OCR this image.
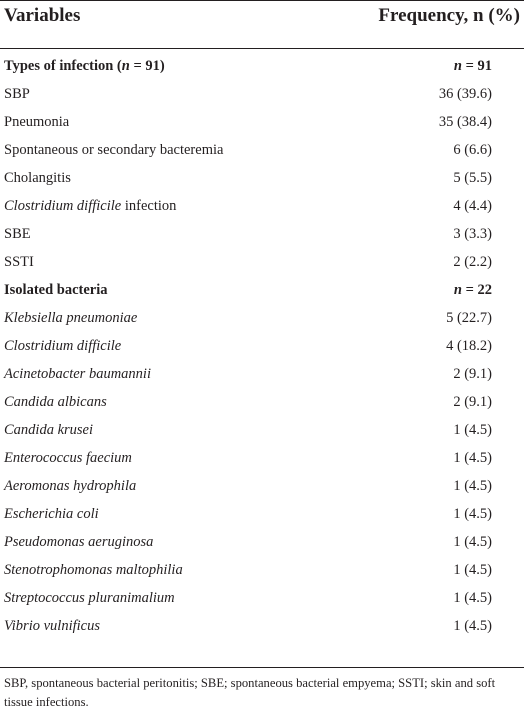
Variables	Frequency, n (%)
Types of infection (n = 91)	n = 91
SBP	36 (39.6)
Pneumonia	35 (38.4)
Spontaneous or secondary bacteremia	6 (6.6)
Cholangitis	5 (5.5)
Clostridium difficile infection	4 (4.4)
SBE	3 (3.3)
SSTI	2 (2.2)
Isolated bacteria	n = 22
Klebsiella pneumoniae	5 (22.7)
Clostridium difficile	4 (18.2)
Acinetobacter baumannii	2 (9.1)
Candida albicans	2 (9.1)
Candida krusei	1 (4.5)
Enterococcus faecium	1 (4.5)
Aeromonas hydrophila	1 (4.5)
Escherichia coli	1 (4.5)
Pseudomonas aeruginosa	1 (4.5)
Stenotrophomonas maltophilia	1 (4.5)
Streptococcus pluranimalium	1 (4.5)
Vibrio vulnificus	1 (4.5)
SBP, spontaneous bacterial peritonitis; SBE; spontaneous bacterial empyema; SSTI; skin and soft tissue infections.
